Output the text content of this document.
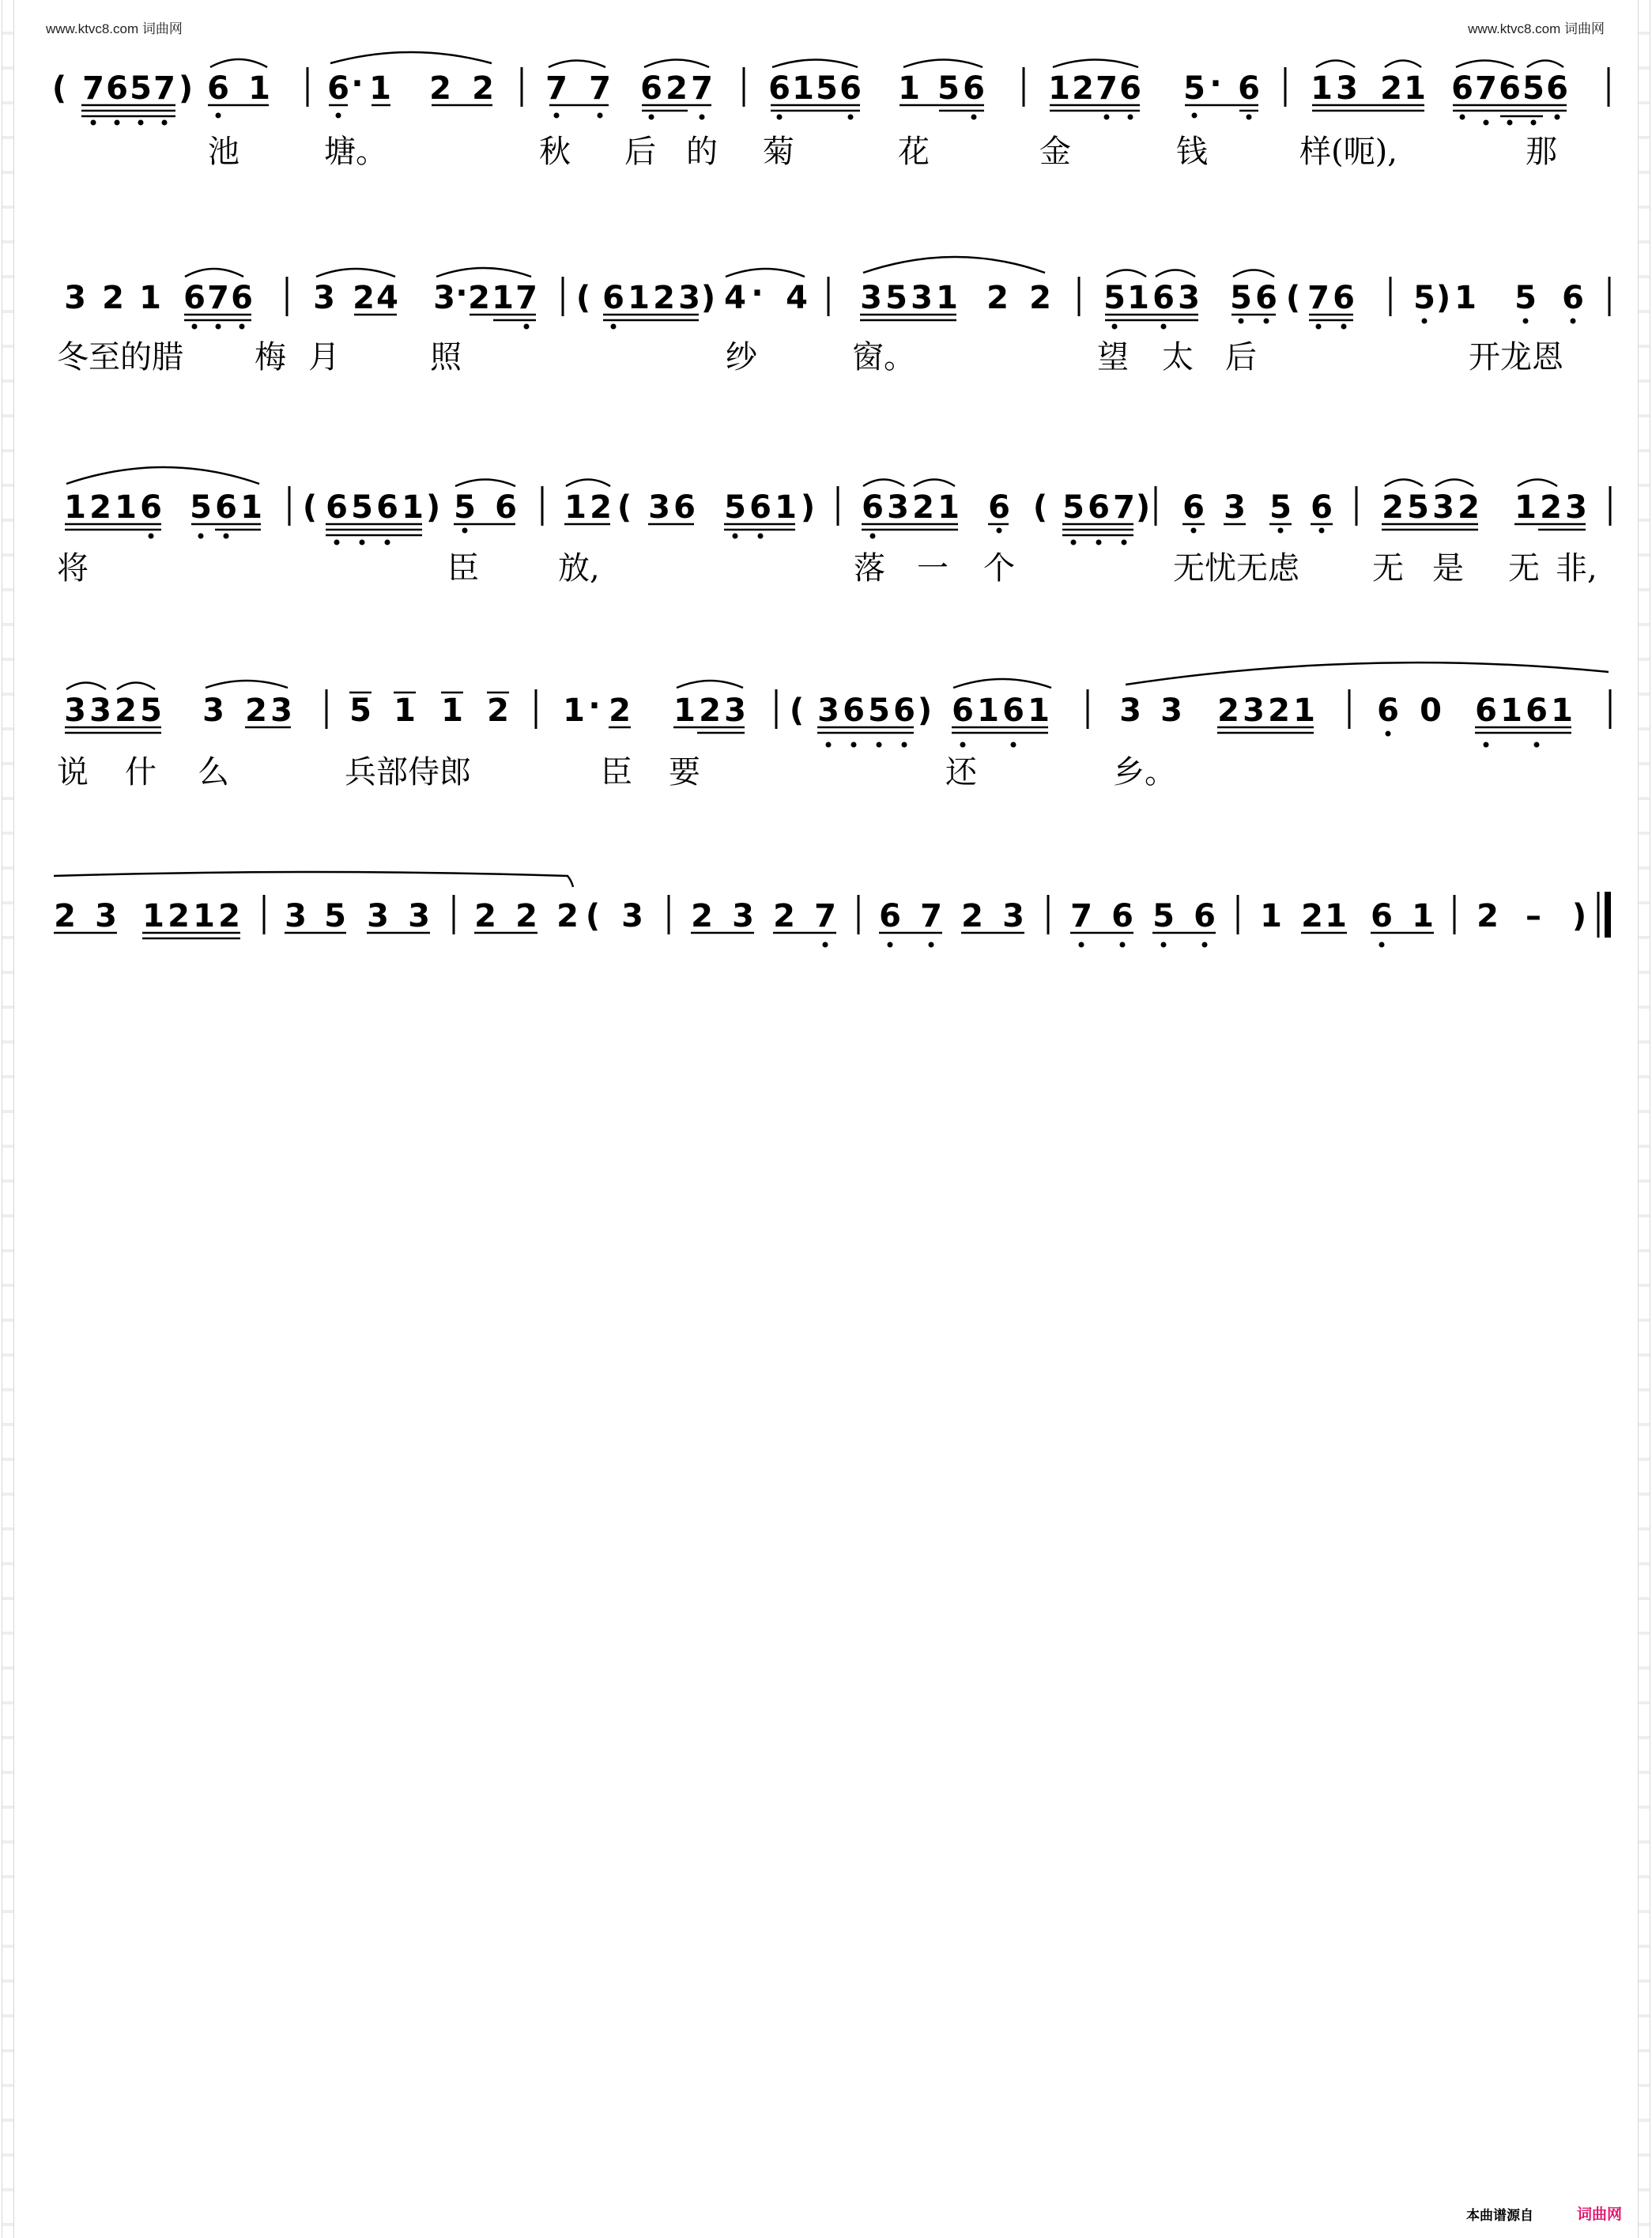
www.ktvc8.com 词曲网	www.ktvc8.com 词曲网
( 7 6 5 7 ) 6 1 6 · 1 2 2 7 7 6 2 7 6 1 5 6 1 5 6 1 2 7 6 5 · 6 1 3 2 1 6 7 6 5 6
3 2 1 6 7 6 3 2 4 3 · 2 1 7 ( 6 1 2 3 ) 4 · 4 3 5 3 1 2 2 5 1 6 3 5 6 ( 7 6 5 ) 1 5 6
1 2 1 6 5 6 1 ( 6 5 6 1 ) 5 6 1 2 ( 3 6 5 6 1 ) 6 3 2 1 6 ( 5 6 7 ) 6 3 5 6 2 5 3 2 1 2 3
3 3 2 5 3 2 3 5 1 1 2 1 · 2 1 2 3 ( 3 6 5 6 ) 6 1 6 1 3 3 2 3 2 1 6 0 6 1 6 1
2 3 1 2 1 2 3 5 3 3 2 2 2 ( 3 2 3 2 7 6 7 2 3 7 6 5 6 1 2 1 6 1 2 – )
池	塘。	秋 后 的 菊	花	金	钱	样(呃),	那
冬至的腊 梅 月	照	纱	窗。	望 太 后	开龙恩
将	臣	放,	落 一 个	无忧无虑 无 是 无 非,
说 什 么	兵部侍郎	臣 要	还	乡。
本曲谱源自	词曲网
